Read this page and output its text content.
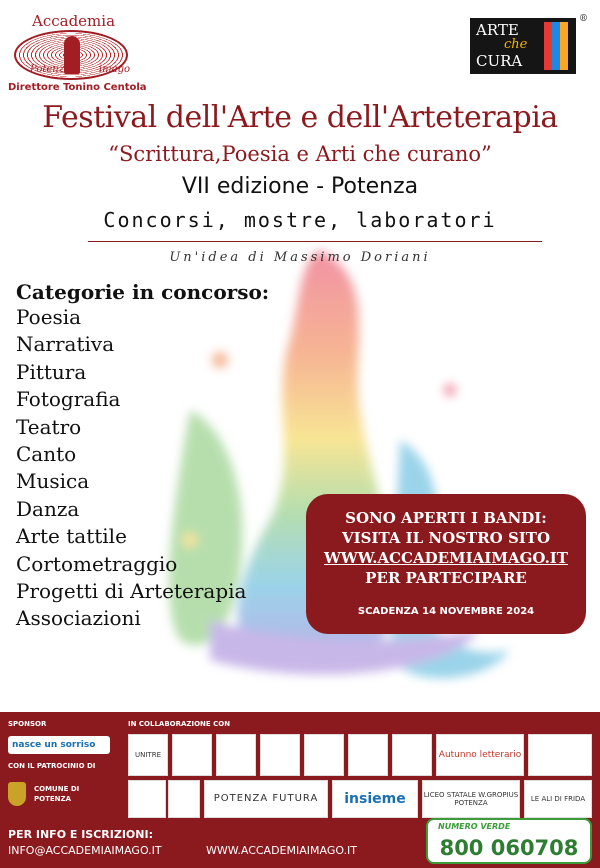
Accademia
Potenza	imago
Direttore Tonino Centola
ARTE
che
CURA
®
Festival dell'Arte e dell'Arteterapia
“Scrittura,Poesia e Arti che curano”
VII edizione - Potenza
Concorsi, mostre, laboratori
Un'idea di Massimo Doriani
Categorie in concorso:
Poesia
Narrativa
Pittura
Fotografia
Teatro
Canto
Musica
Danza
Arte tattile
Cortometraggio
Progetti di Arteterapia
Associazioni
SONO APERTI I BANDI:
VISITA IL NOSTRO SITO
WWW.ACCADEMIAIMAGO.IT
PER PARTECIPARE
SCADENZA 14 NOVEMBRE 2024
SPONSOR
nasce un sorriso
CON IL PATROCINIO DI
COMUNE DI
POTENZA
IN COLLABORAZIONE CON
UNITRE	Autunno letterario
POTENZA FUTURA insieme	LICEO STATALE W.GROPIUS POTENZA	LE ALI DI FRIDA
PER INFO E ISCRIZIONI:
INFO@ACCADEMIAIMAGO.IT	WWW.ACCADEMIAIMAGO.IT
NUMERO VERDE
800 060708
